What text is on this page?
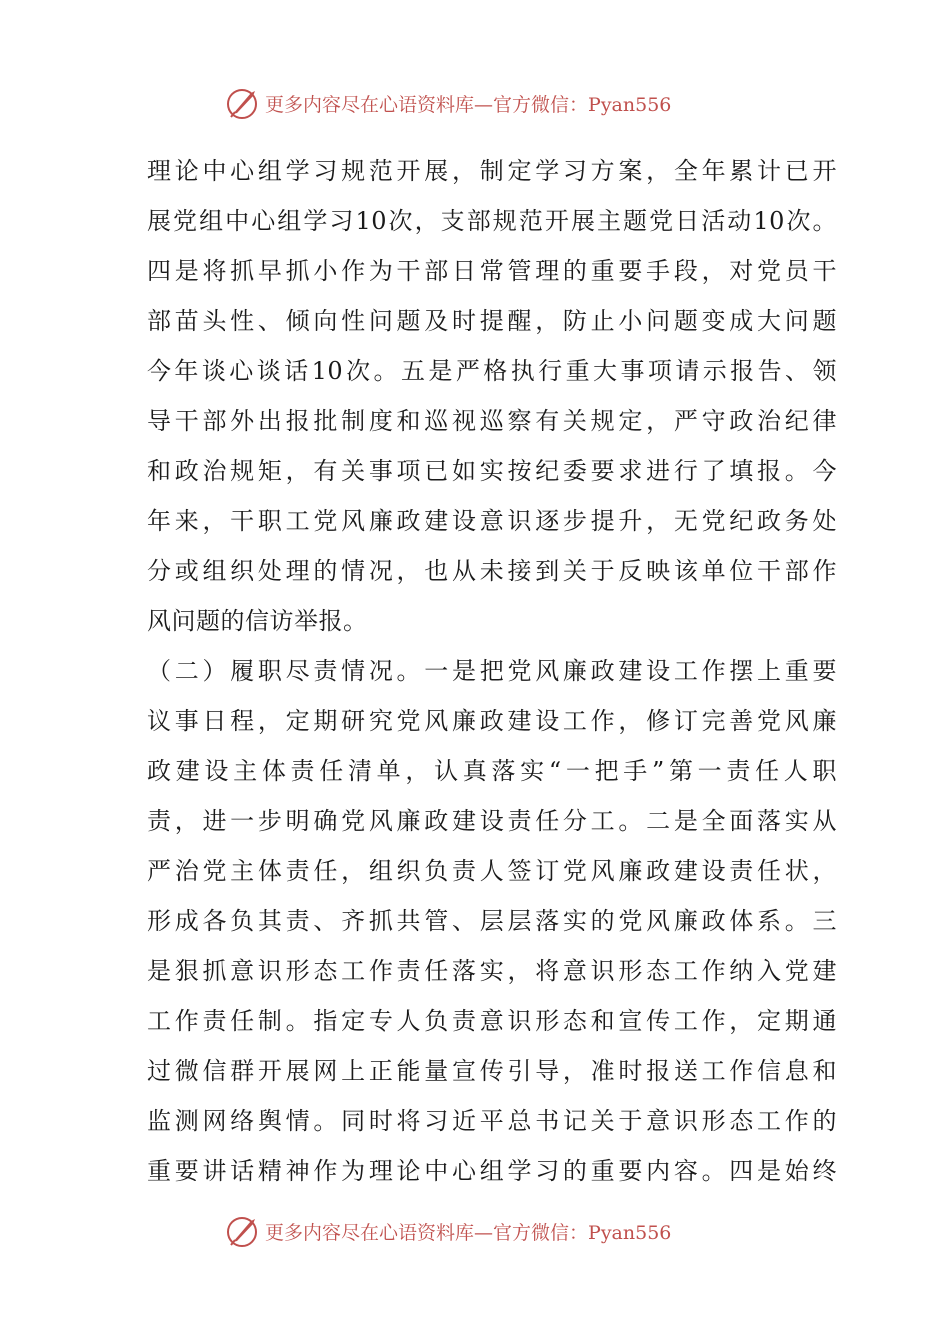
更多内容尽在心语资料库—官方微信：Pyan556
理论中心组学习规范开展，制定学习方案，全年累计已开
展党组中心组学习10次，支部规范开展主题党日活动10次。
四是将抓早抓小作为干部日常管理的重要手段，对党员干
部苗头性、倾向性问题及时提醒，防止小问题变成大问题
今年谈心谈话10次。五是严格执行重大事项请示报告、领
导干部外出报批制度和巡视巡察有关规定，严守政治纪律
和政治规矩，有关事项已如实按纪委要求进行了填报。今
年来，干职工党风廉政建设意识逐步提升，无党纪政务处
分或组织处理的情况，也从未接到关于反映该单位干部作
风问题的信访举报。
（二）履职尽责情况。一是把党风廉政建设工作摆上重要
议事日程，定期研究党风廉政建设工作，修订完善党风廉
政建设主体责任清单，认真落实“一把手”第一责任人职
责，进一步明确党风廉政建设责任分工。二是全面落实从
严治党主体责任，组织负责人签订党风廉政建设责任状，
形成各负其责、齐抓共管、层层落实的党风廉政体系。三
是狠抓意识形态工作责任落实，将意识形态工作纳入党建
工作责任制。指定专人负责意识形态和宣传工作，定期通
过微信群开展网上正能量宣传引导，准时报送工作信息和
监测网络舆情。同时将习近平总书记关于意识形态工作的
重要讲话精神作为理论中心组学习的重要内容。四是始终
更多内容尽在心语资料库—官方微信：Pyan556
